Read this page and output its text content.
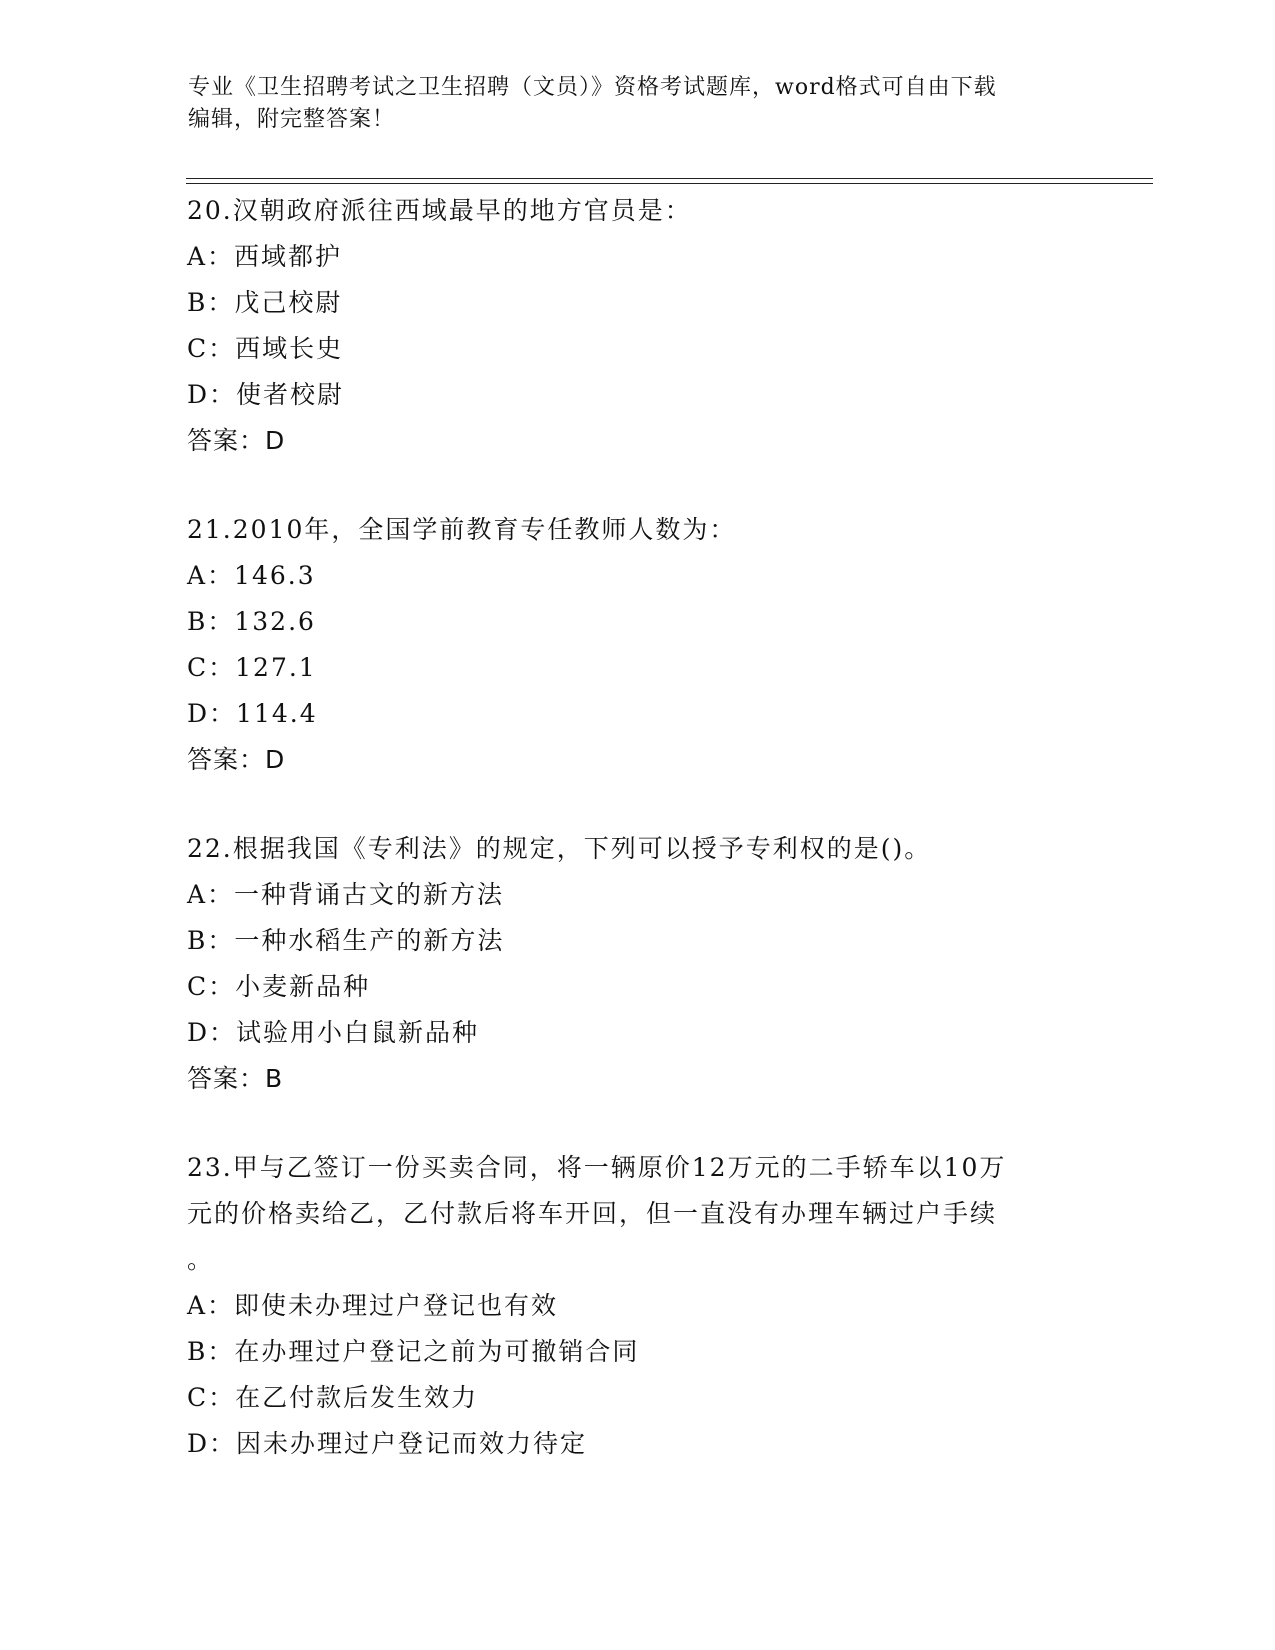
专业《卫生招聘考试之卫生招聘（文员）》资格考试题库，word格式可自由下载
编辑，附完整答案！
20.汉朝政府派往西域最早的地方官员是：
A：西域都护
B：戊己校尉
C：西域长史
D：使者校尉
答案：D
21.2010年，全国学前教育专任教师人数为：
A：146.3
B：132.6
C：127.1
D：114.4
答案：D
22.根据我国《专利法》的规定，下列可以授予专利权的是()。
A：一种背诵古文的新方法
B：一种水稻生产的新方法
C：小麦新品种
D：试验用小白鼠新品种
答案：B
23.甲与乙签订一份买卖合同，将一辆原价12万元的二手轿车以10万
元的价格卖给乙，乙付款后将车开回，但一直没有办理车辆过户手续
。
A：即使未办理过户登记也有效
B：在办理过户登记之前为可撤销合同
C：在乙付款后发生效力
D：因未办理过户登记而效力待定
